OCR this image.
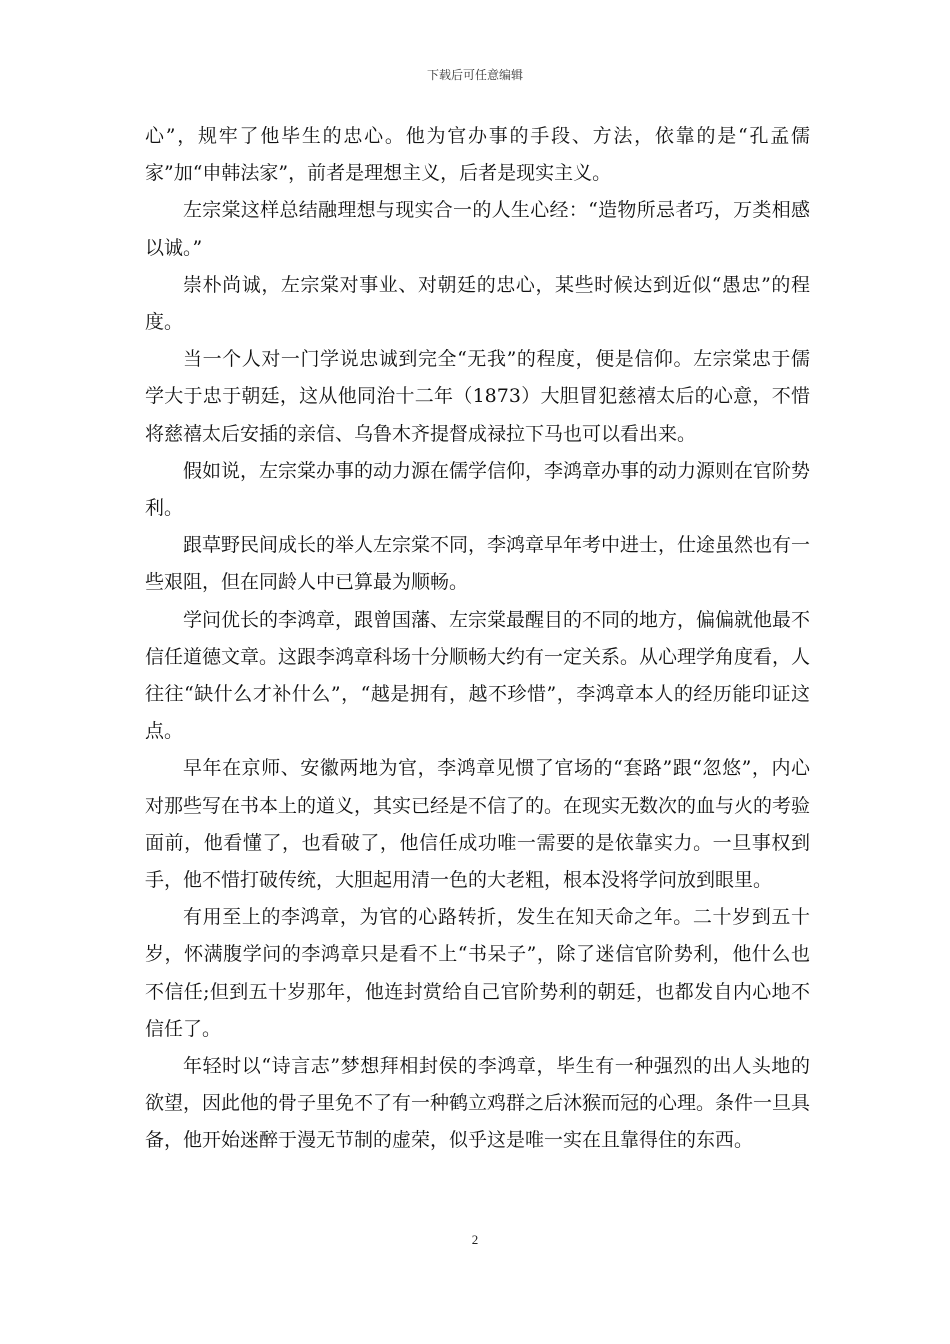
下载后可任意编辑

心”，规牢了他毕生的忠心。他为官办事的手段、方法，依靠的是“孔孟儒家”加“申韩法家”，前者是理想主义，后者是现实主义。

左宗棠这样总结融理想与现实合一的人生心经：“造物所忌者巧，万类相感以诚。”

崇朴尚诚，左宗棠对事业、对朝廷的忠心，某些时候达到近似“愚忠”的程度。

当一个人对一门学说忠诚到完全“无我”的程度，便是信仰。左宗棠忠于儒学大于忠于朝廷，这从他同治十二年（1873）大胆冒犯慈禧太后的心意，不惜将慈禧太后安插的亲信、乌鲁木齐提督成禄拉下马也可以看出来。

假如说，左宗棠办事的动力源在儒学信仰，李鸿章办事的动力源则在官阶势利。

跟草野民间成长的举人左宗棠不同，李鸿章早年考中进士，仕途虽然也有一些艰阻，但在同龄人中已算最为顺畅。

学问优长的李鸿章，跟曾国藩、左宗棠最醒目的不同的地方，偏偏就他最不信任道德文章。这跟李鸿章科场十分顺畅大约有一定关系。从心理学角度看，人往往“缺什么才补什么”，“越是拥有，越不珍惜”，李鸿章本人的经历能印证这点。

早年在京师、安徽两地为官，李鸿章见惯了官场的“套路”跟“忽悠”，内心对那些写在书本上的道义，其实已经是不信了的。在现实无数次的血与火的考验面前，他看懂了，也看破了，他信任成功唯一需要的是依靠实力。一旦事权到手，他不惜打破传统，大胆起用清一色的大老粗，根本没将学问放到眼里。

有用至上的李鸿章，为官的心路转折，发生在知天命之年。二十岁到五十岁，怀满腹学问的李鸿章只是看不上“书呆子”，除了迷信官阶势利，他什么也不信任;但到五十岁那年，他连封赏给自己官阶势利的朝廷，也都发自内心地不信任了。

年轻时以“诗言志”梦想拜相封侯的李鸿章，毕生有一种强烈的出人头地的欲望，因此他的骨子里免不了有一种鹤立鸡群之后沐猴而冠的心理。条件一旦具备，他开始迷醉于漫无节制的虚荣，似乎这是唯一实在且靠得住的东西。

2
